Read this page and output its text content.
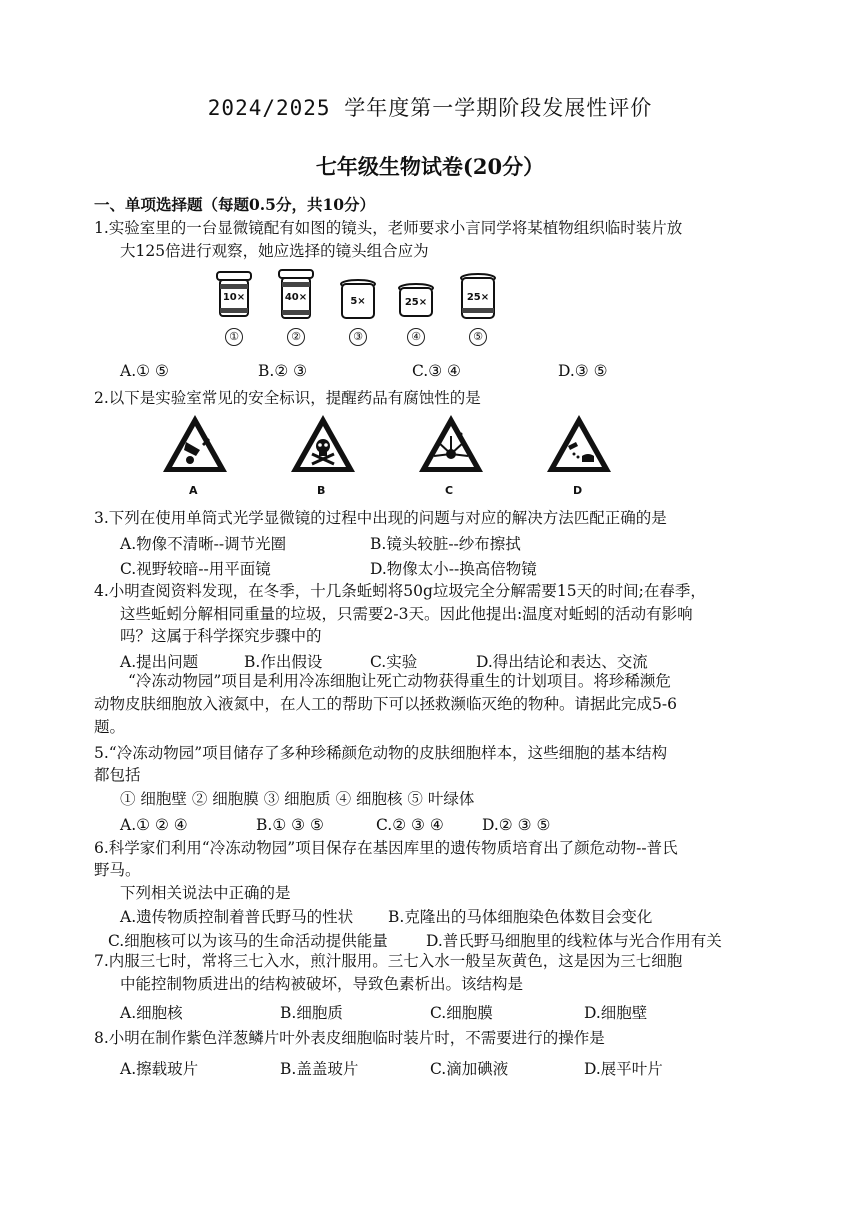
2024/2025 学年度第一学期阶段发展性评价
七年级生物试卷(20分）
一、单项选择题（每题0.5分，共10分）
1.实验室里的一台显微镜配有如图的镜头，老师要求小言同学将某植物组织临时装片放
大125倍进行观察，她应选择的镜头组合应为
10×
①
40×
②
5×
③
25×
④
25×
⑤
A.① ⑤	B.② ③	C.③ ④	D.③ ⑤
2.以下是实验室常见的安全标识，提醒药品有腐蚀性的是
A	B	C	D
3.下列在使用单筒式光学显微镜的过程中出现的问题与对应的解决方法匹配正确的是
A.物像不清晰--调节光圈	B.镜头较脏--纱布擦拭
C.视野较暗--用平面镜	D.物像太小--换高倍物镜
4.小明查阅资料发现，在冬季，十几条蚯蚓将50g垃圾完全分解需要15天的时间;在春季，
这些蚯蚓分解相同重量的垃圾，只需要2-3天。因此他提出:温度对蚯蚓的活动有影响
吗？这属于科学探究步骤中的
A.提出问题	B.作出假设	C.实验	D.得出结论和表达、交流
“冷冻动物园”项目是利用冷冻细胞让死亡动物获得重生的计划项目。将珍稀濒危
动物皮肤细胞放入液氮中，在人工的帮助下可以拯救濒临灭绝的物种。请据此完成5-6
题。
5.“冷冻动物园”项目储存了多种珍稀颜危动物的皮肤细胞样本，这些细胞的基本结构
都包括
① 细胞壁 ② 细胞膜 ③ 细胞质 ④ 细胞核 ⑤ 叶绿体
A.① ② ④	B.① ③ ⑤	C.② ③ ④ D.② ③ ⑤
6.科学家们利用“冷冻动物园”项目保存在基因库里的遗传物质培育出了颜危动物--普氏
野马。
下列相关说法中正确的是
A.遗传物质控制着普氏野马的性状 B.克隆出的马体细胞染色体数目会变化
C.细胞核可以为该马的生命活动提供能量 D.普氏野马细胞里的线粒体与光合作用有关
7.内服三七时，常将三七入水，煎汁服用。三七入水一般呈灰黄色，这是因为三七细胞
中能控制物质进出的结构被破坏，导致色素析出。该结构是
A.细胞核	B.细胞质	C.细胞膜	D.细胞壁
8.小明在制作紫色洋葱鳞片叶外表皮细胞临时装片时，不需要进行的操作是
A.擦载玻片	B.盖盖玻片	C.滴加碘液	D.展平叶片
